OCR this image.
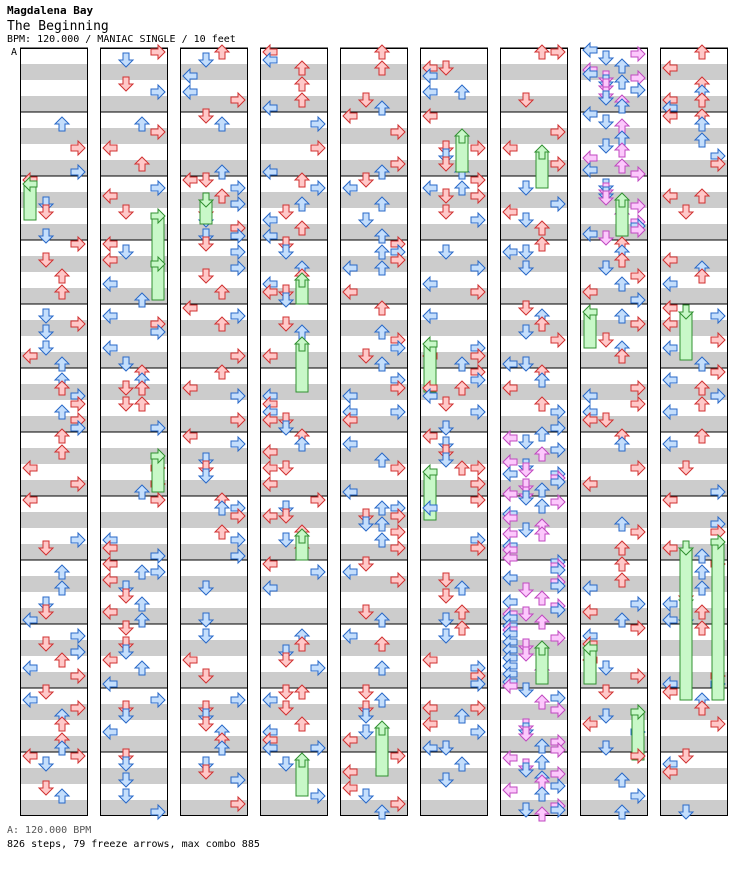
Magdalena Bay
The Beginning
BPM: 120.000 / MANIAC SINGLE / 10 feet
A
A: 120.000 BPM
826 steps, 79 freeze arrows, max combo 885
